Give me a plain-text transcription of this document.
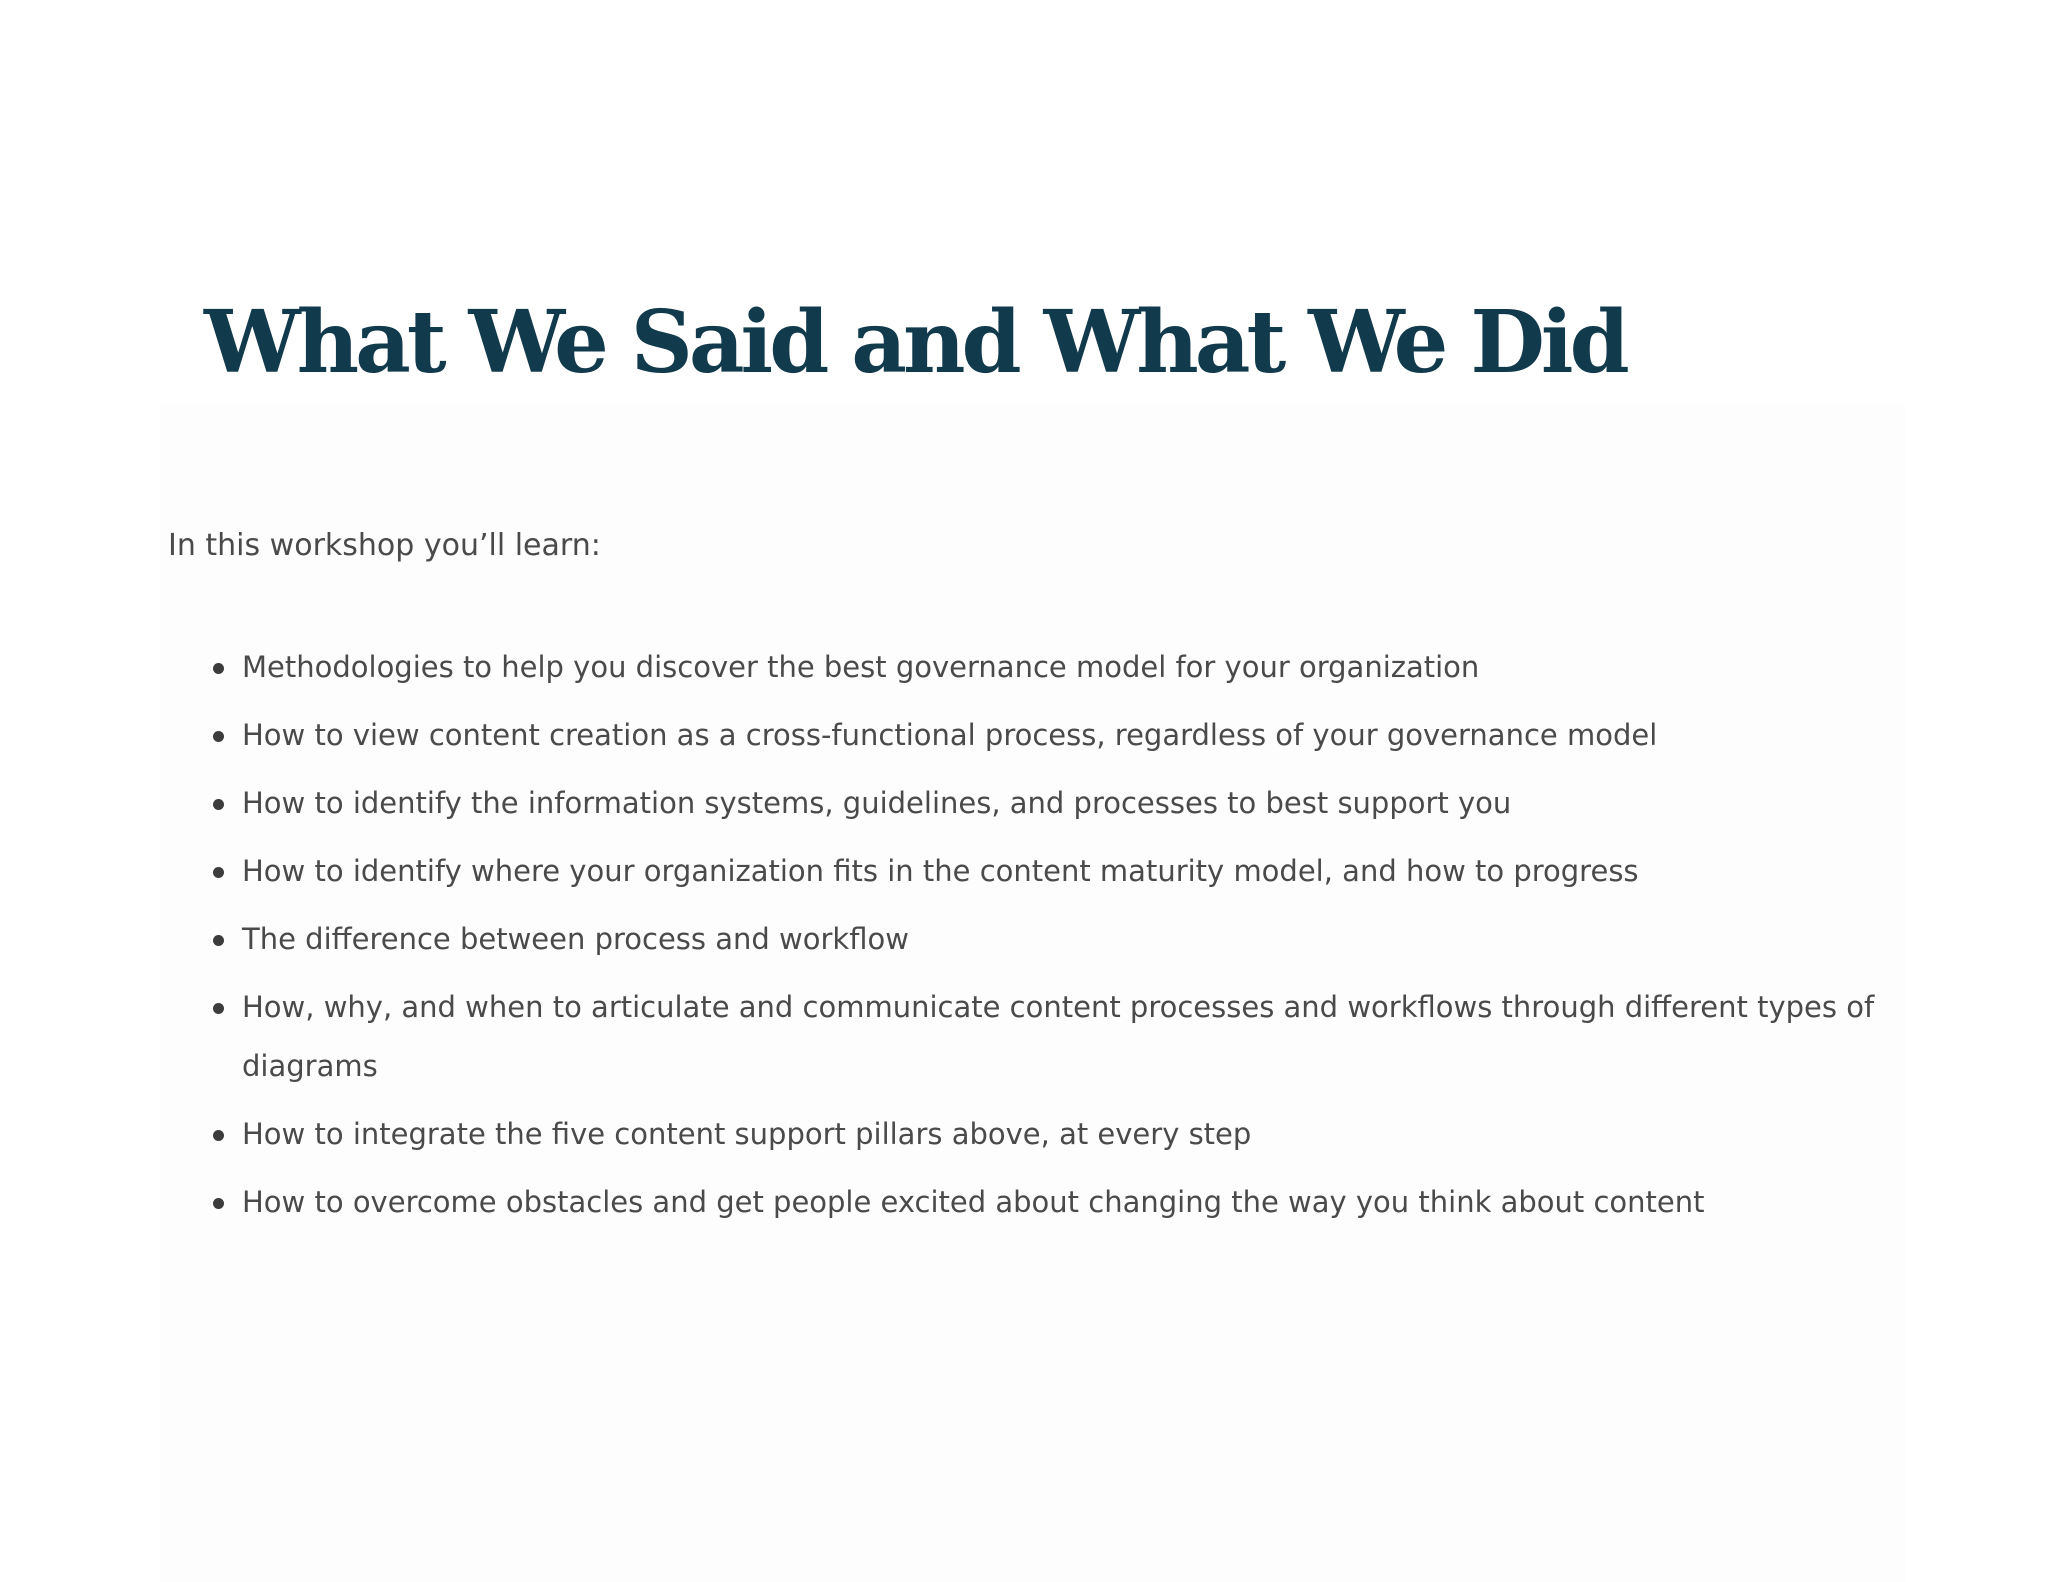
What We Said and What We Did

In this workshop you’ll learn:

Methodologies to help you discover the best governance model for your organization
How to view content creation as a cross-functional process, regardless of your governance model
How to identify the information systems, guidelines, and processes to best support you
How to identify where your organization fits in the content maturity model, and how to progress
The difference between process and workflow
How, why, and when to articulate and communicate content processes and workflows through different types of diagrams
How to integrate the five content support pillars above, at every step
How to overcome obstacles and get people excited about changing the way you think about content
